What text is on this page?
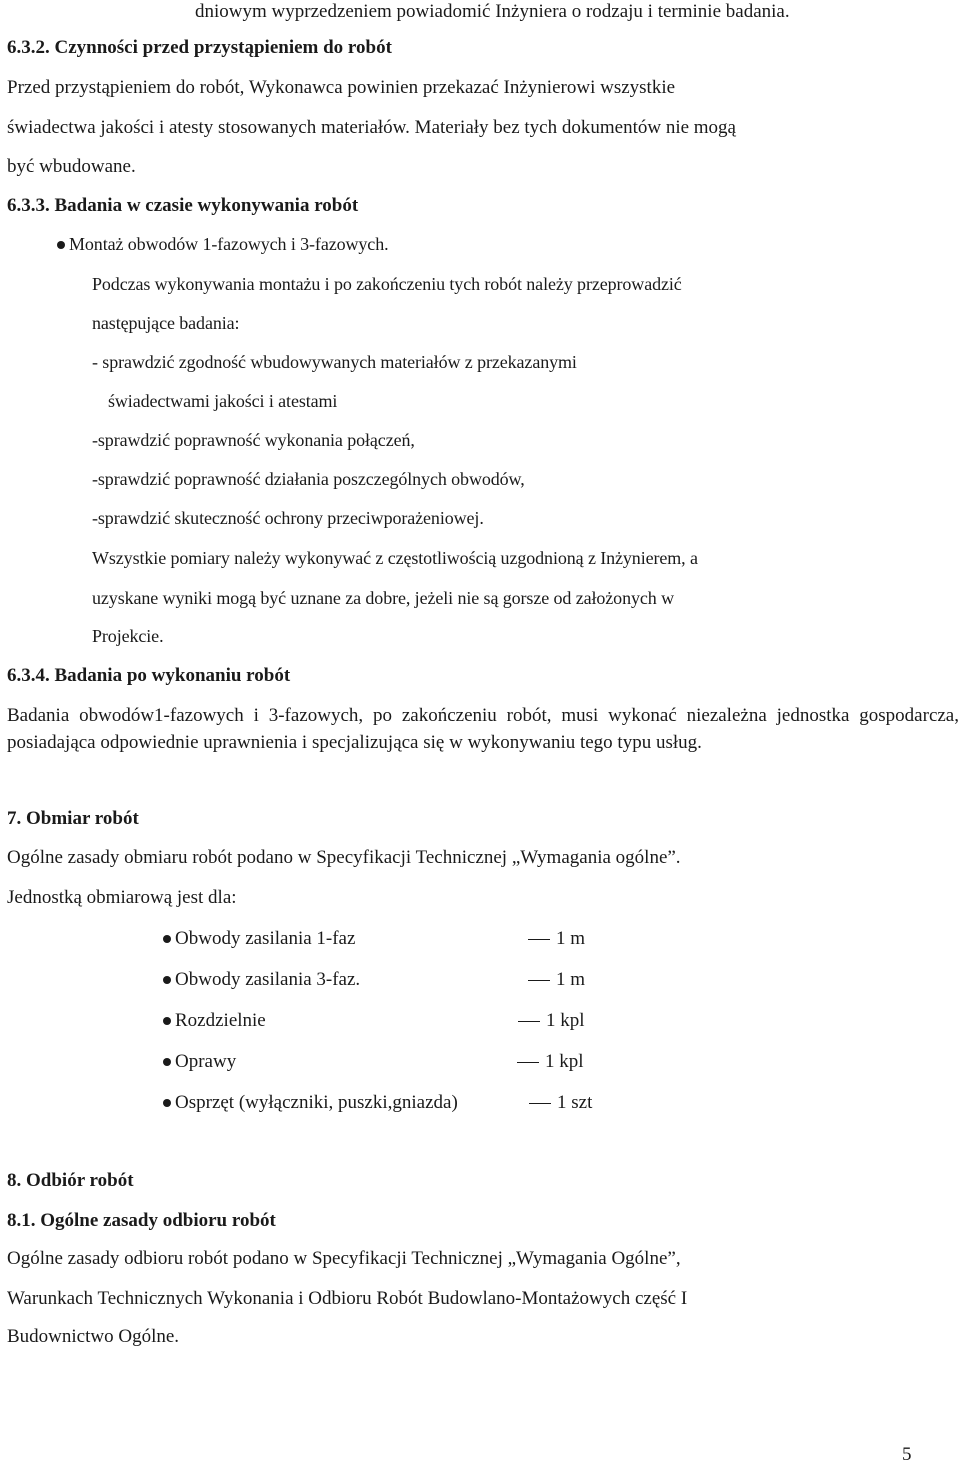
dniowym wyprzedzeniem powiadomić Inżyniera o rodzaju i terminie badania.
6.3.2. Czynności przed przystąpieniem do robót
Przed przystąpieniem do robót, Wykonawca powinien przekazać Inżynierowi wszystkie
świadectwa jakości i atesty stosowanych materiałów. Materiały bez tych dokumentów nie mogą
być wbudowane.
6.3.3. Badania w czasie wykonywania robót
Montaż obwodów 1-fazowych i 3-fazowych.
Podczas wykonywania montażu i po zakończeniu tych robót należy przeprowadzić
następujące badania:
- sprawdzić zgodność wbudowywanych materiałów z przekazanymi
świadectwami jakości i atestami
-sprawdzić poprawność wykonania połączeń,
-sprawdzić poprawność działania poszczególnych obwodów,
-sprawdzić skuteczność ochrony przeciwporażeniowej.
Wszystkie pomiary należy wykonywać z częstotliwością uzgodnioną z Inżynierem, a
uzyskane wyniki mogą być uznane za dobre, jeżeli nie są gorsze od założonych w
Projekcie.
6.3.4. Badania po wykonaniu robót
Badania obwodów1-fazowych i 3-fazowych, po zakończeniu robót, musi wykonać niezależna jednostka gospodarcza, posiadająca odpowiednie uprawnienia i specjalizująca się w wykonywaniu tego typu usług.
7. Obmiar robót
Ogólne zasady obmiaru robót podano w Specyfikacji Technicznej „Wymagania ogólne”.
Jednostką obmiarową jest dla:
Obwody zasilania 1-faz	1 m
Obwody zasilania 3-faz.	1 m
Rozdzielnie	1 kpl
Oprawy	1 kpl
Osprzęt (wyłączniki, puszki,gniazda)	1 szt
8. Odbiór robót
8.1. Ogólne zasady odbioru robót
Ogólne zasady odbioru robót podano w Specyfikacji Technicznej „Wymagania Ogólne”,
Warunkach Technicznych Wykonania i Odbioru Robót Budowlano-Montażowych część I
Budownictwo Ogólne.
5
